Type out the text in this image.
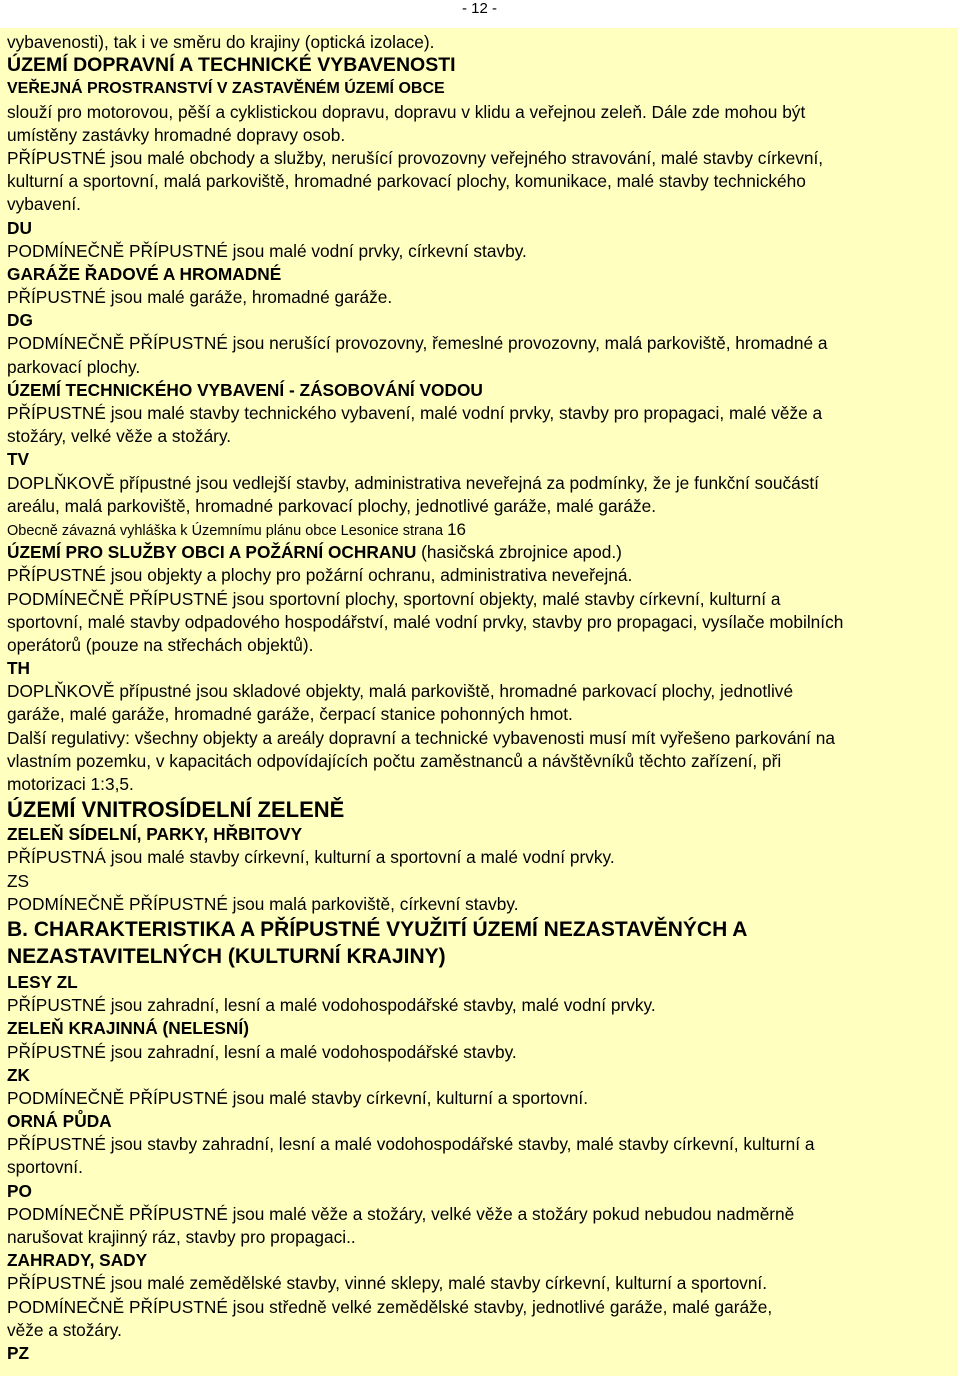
- 12 -

vybavenosti), tak i ve směru do krajiny (optická izolace).

ÚZEMÍ DOPRAVNÍ A TECHNICKÉ VYBAVENOSTI

VEŘEJNÁ PROSTRANSTVÍ V ZASTAVĚNÉM ÚZEMÍ OBCE

slouží pro motorovou, pěší a cyklistickou dopravu, dopravu v klidu a veřejnou zeleň. Dále zde mohou být

umístěny zastávky hromadné dopravy osob.

PŘÍPUSTNÉ jsou malé obchody a služby, nerušící provozovny veřejného stravování, malé stavby církevní,

kulturní a sportovní, malá parkoviště, hromadné parkovací plochy, komunikace, malé stavby technického

vybavení.

DU

PODMÍNEČNĚ PŘÍPUSTNÉ jsou malé vodní prvky, církevní stavby.

GARÁŽE ŘADOVÉ A HROMADNÉ

PŘÍPUSTNÉ jsou malé garáže, hromadné garáže.

DG

PODMÍNEČNĚ PŘÍPUSTNÉ jsou nerušící provozovny, řemeslné provozovny, malá parkoviště, hromadné a

parkovací plochy.

ÚZEMÍ TECHNICKÉHO VYBAVENÍ - ZÁSOBOVÁNÍ VODOU

PŘÍPUSTNÉ jsou malé stavby technického vybavení, malé vodní prvky, stavby pro propagaci, malé věže a

stožáry, velké věže a stožáry.

TV

DOPLŇKOVĚ přípustné jsou vedlejší stavby, administrativa neveřejná za podmínky, že je funkční součástí

areálu, malá parkoviště, hromadné parkovací plochy, jednotlivé garáže, malé garáže.

Obecně závazná vyhláška k Územnímu plánu obce Lesonice strana 16

ÚZEMÍ PRO SLUŽBY OBCI A POŽÁRNÍ OCHRANU (hasičská zbrojnice apod.)

PŘÍPUSTNÉ jsou objekty a plochy pro požární ochranu, administrativa neveřejná.

PODMÍNEČNĚ PŘÍPUSTNÉ jsou sportovní plochy, sportovní objekty, malé stavby církevní, kulturní a

sportovní, malé stavby odpadového hospodářství, malé vodní prvky, stavby pro propagaci, vysílače mobilních

operátorů (pouze na střechách objektů).

TH

DOPLŇKOVĚ přípustné jsou skladové objekty, malá parkoviště, hromadné parkovací plochy, jednotlivé

garáže, malé garáže, hromadné garáže, čerpací stanice pohonných hmot.

Další regulativy: všechny objekty a areály dopravní a technické vybavenosti musí mít vyřešeno parkování na

vlastním pozemku, v kapacitách odpovídajících počtu zaměstnanců a návštěvníků těchto zařízení, při

motorizaci 1:3,5.

ÚZEMÍ VNITROSÍDELNÍ ZELENĚ

ZELEŇ SÍDELNÍ, PARKY, HŘBITOVY

PŘÍPUSTNÁ jsou malé stavby církevní, kulturní a sportovní a malé vodní prvky.

ZS

PODMÍNEČNĚ PŘÍPUSTNÉ jsou malá parkoviště, církevní stavby.

B. CHARAKTERISTIKA A PŘÍPUSTNÉ VYUŽITÍ ÚZEMÍ NEZASTAVĚNÝCH A

NEZASTAVITELNÝCH (KULTURNÍ KRAJINY)

LESY ZL

PŘÍPUSTNÉ jsou zahradní, lesní a malé vodohospodářské stavby, malé vodní prvky.

ZELEŇ KRAJINNÁ (NELESNÍ)

PŘÍPUSTNÉ jsou zahradní, lesní a malé vodohospodářské stavby.

ZK

PODMÍNEČNĚ PŘÍPUSTNÉ jsou malé stavby církevní, kulturní a sportovní.

ORNÁ PŮDA

PŘÍPUSTNÉ jsou stavby zahradní, lesní a malé vodohospodářské stavby, malé stavby církevní, kulturní a

sportovní.

PO

PODMÍNEČNĚ PŘÍPUSTNÉ jsou malé věže a stožáry, velké věže a stožáry pokud nebudou nadměrně

narušovat krajinný ráz, stavby pro propagaci..

ZAHRADY, SADY

PŘÍPUSTNÉ jsou malé zemědělské stavby, vinné sklepy, malé stavby církevní, kulturní a sportovní.

PODMÍNEČNĚ PŘÍPUSTNÉ jsou středně velké zemědělské stavby, jednotlivé garáže, malé garáže,

věže a stožáry.

PZ
